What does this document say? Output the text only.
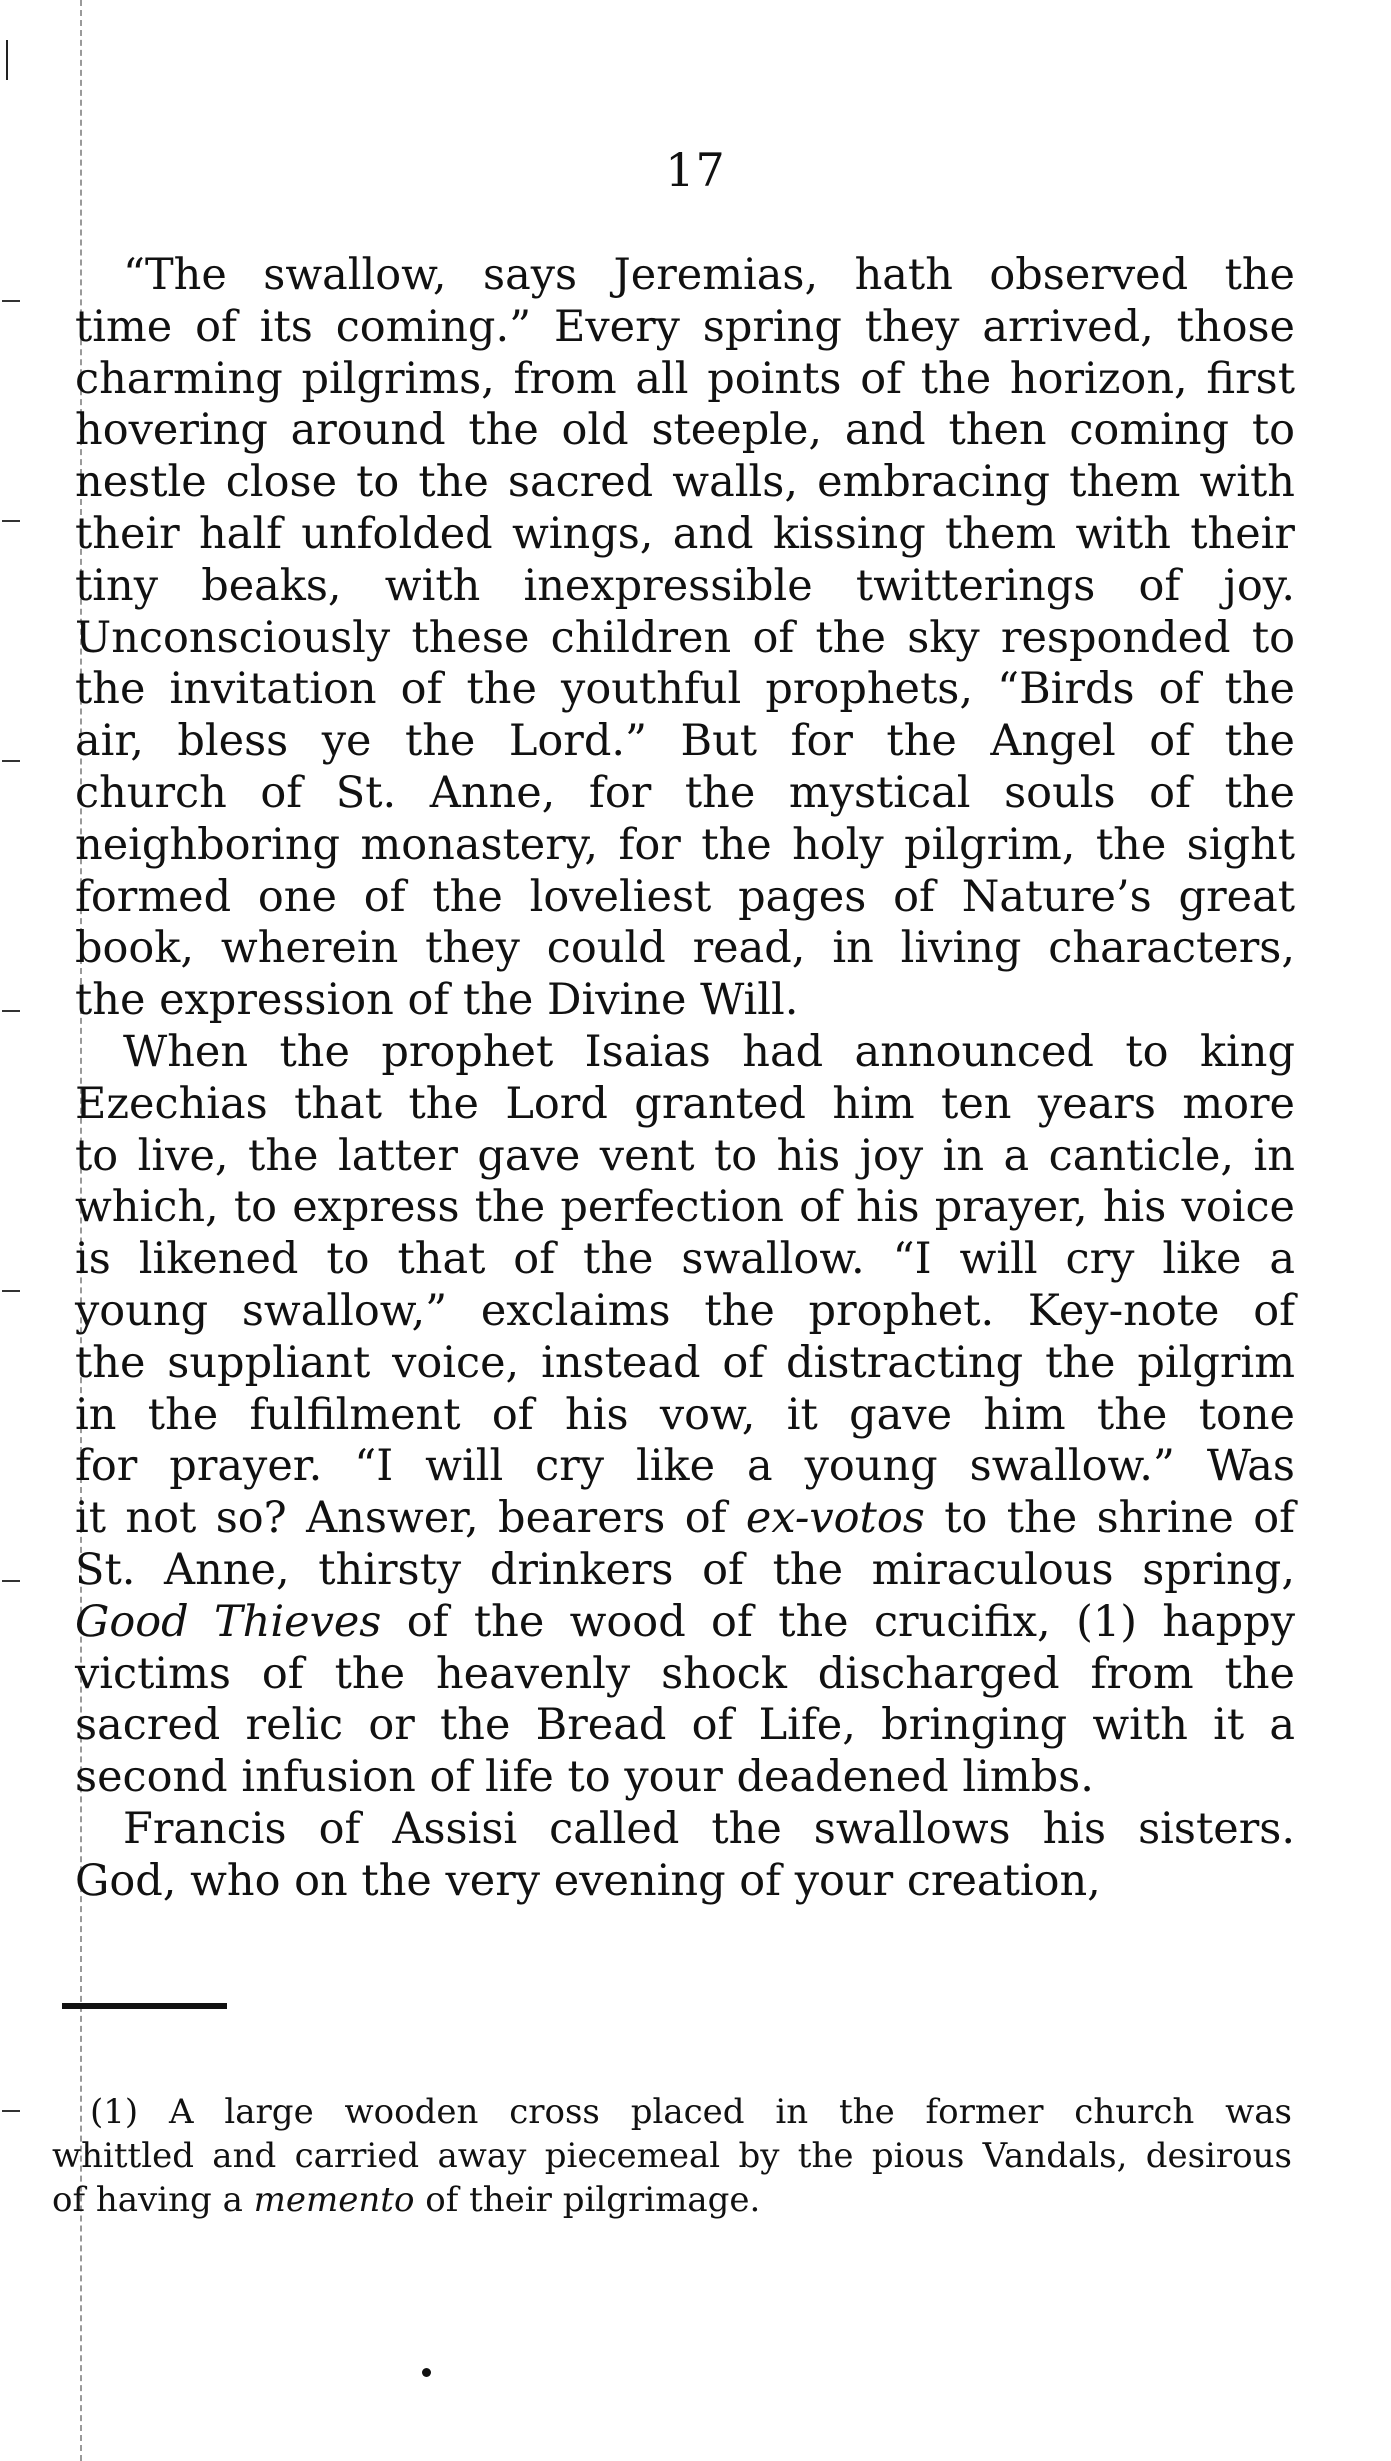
17
“The swallow, says Jeremias, hath observed the
time of its coming.” Every spring they arrived, those
charming pilgrims, from all points of the horizon, first
hovering around the old steeple, and then coming to
nestle close to the sacred walls, embracing them with
their half unfolded wings, and kissing them with their
tiny beaks, with inexpressible twitterings of joy.
Unconsciously these children of the sky responded to
the invitation of the youthful prophets, “Birds of the
air, bless ye the Lord.” But for the Angel of the
church of St. Anne, for the mystical souls of the
neighboring monastery, for the holy pilgrim, the sight
formed one of the loveliest pages of Nature’s great
book, wherein they could read, in living characters,
the expression of the Divine Will.
When the prophet Isaias had announced to king
Ezechias that the Lord granted him ten years more
to live, the latter gave vent to his joy in a canticle, in
which, to express the perfection of his prayer, his voice
is likened to that of the swallow. “I will cry like a
young swallow,” exclaims the prophet. Key-note of
the suppliant voice, instead of distracting the pilgrim
in the fulfilment of his vow, it gave him the tone
for prayer. “I will cry like a young swallow.” Was
it not so? Answer, bearers of ex-votos to the shrine of
St. Anne, thirsty drinkers of the miraculous spring,
Good Thieves of the wood of the crucifix, (1) happy
victims of the heavenly shock discharged from the
sacred relic or the Bread of Life, bringing with it a
second infusion of life to your deadened limbs.
Francis of Assisi called the swallows his sisters.
God, who on the very evening of your creation,
(1) A large wooden cross placed in the former church was
whittled and carried away piecemeal by the pious Vandals, desirous
of having a memento of their pilgrimage.
